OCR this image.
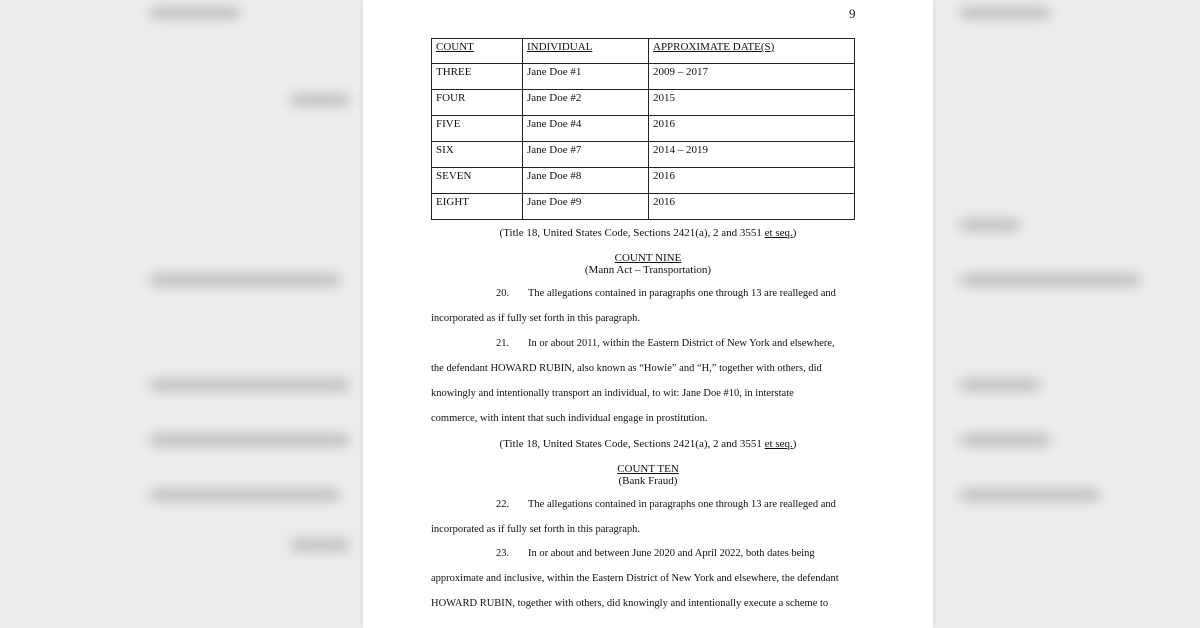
9
COUNT	INDIVIDUAL	APPROXIMATE DATE(S)
THREE	Jane Doe #1	2009 – 2017
FOUR	Jane Doe #2	2015
FIVE	Jane Doe #4	2016
SIX	Jane Doe #7	2014 – 2019
SEVEN	Jane Doe #8	2016
EIGHT	Jane Doe #9	2016
(Title 18, United States Code, Sections 2421(a), 2 and 3551 et seq.)
COUNT NINE
(Mann Act – Transportation)
20. The allegations contained in paragraphs one through 13 are realleged and
incorporated as if fully set forth in this paragraph.
21. In or about 2011, within the Eastern District of New York and elsewhere,
the defendant HOWARD RUBIN, also known as “Howie” and “H,” together with others, did
knowingly and intentionally transport an individual, to wit: Jane Doe #10, in interstate
commerce, with intent that such individual engage in prostitution.
(Title 18, United States Code, Sections 2421(a), 2 and 3551 et seq.)
COUNT TEN
(Bank Fraud)
22. The allegations contained in paragraphs one through 13 are realleged and
incorporated as if fully set forth in this paragraph.
23. In or about and between June 2020 and April 2022, both dates being
approximate and inclusive, within the Eastern District of New York and elsewhere, the defendant
HOWARD RUBIN, together with others, did knowingly and intentionally execute a scheme to
